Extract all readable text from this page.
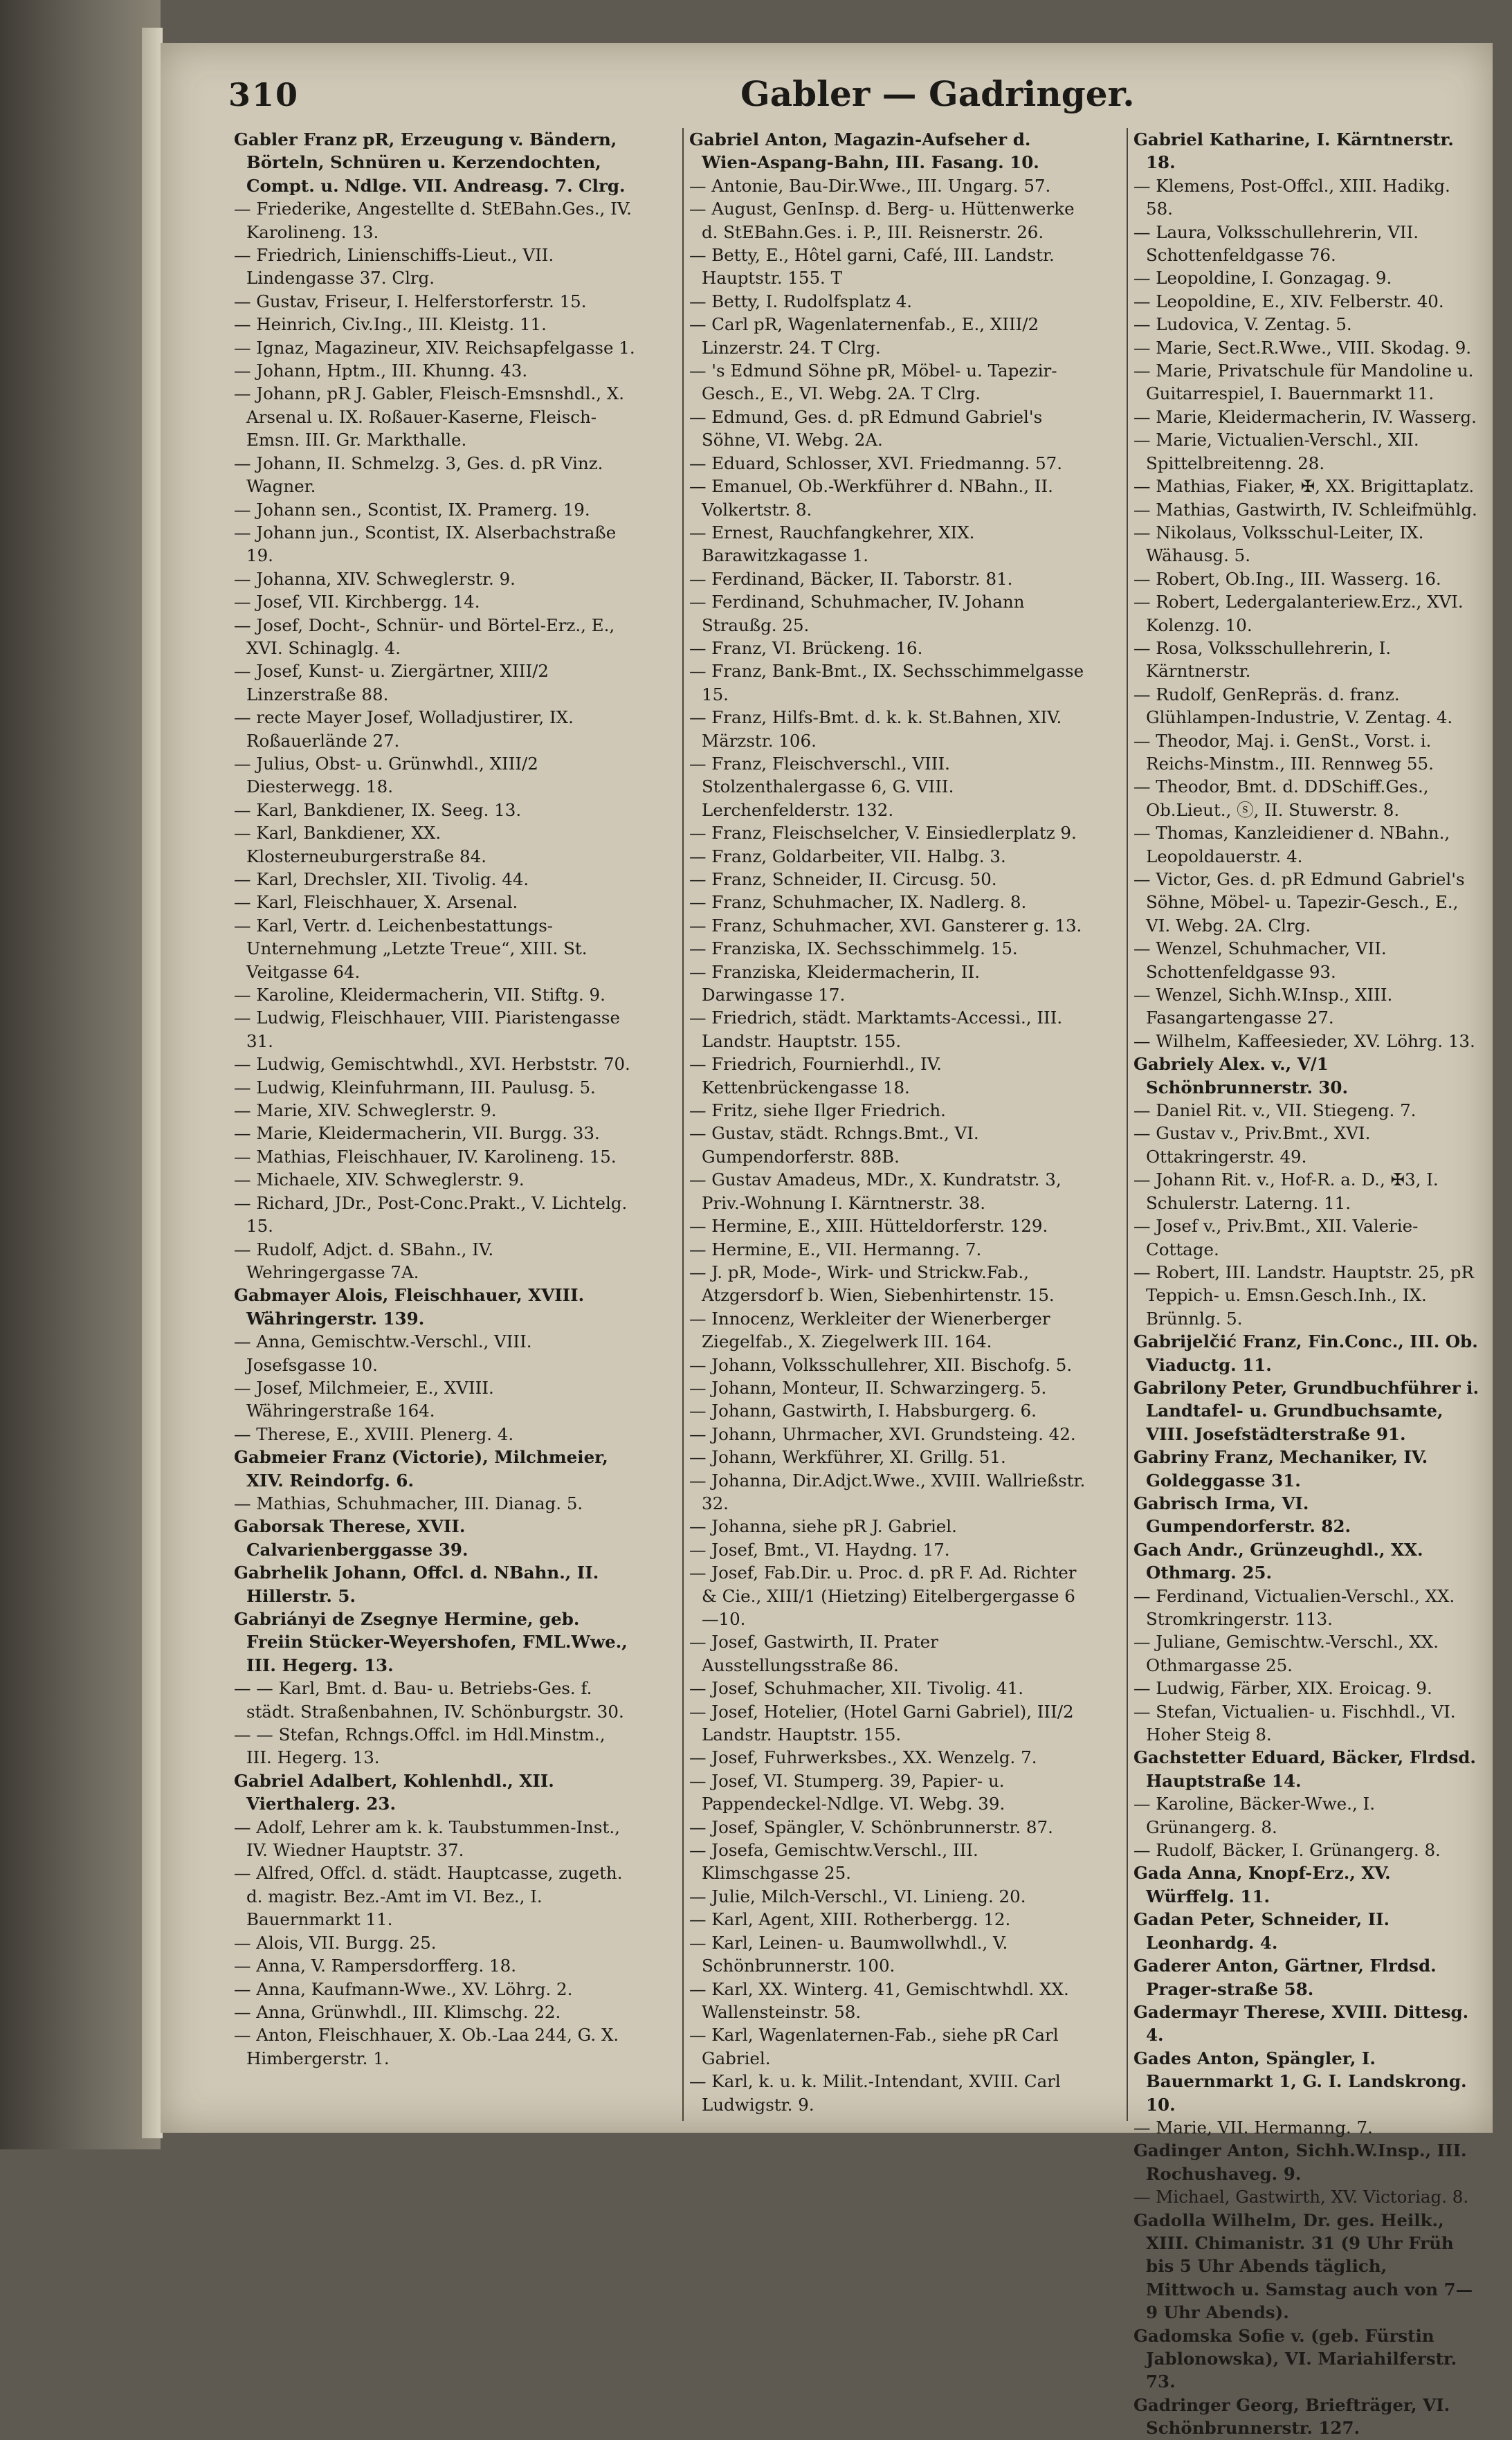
310	Gabler — Gadringer.

Gabler Franz pR, Erzeugung v. Bändern, Börteln, Schnüren u. Kerzendochten, Compt. u. Ndlge. VII. Andreasg. 7. Clrg.

— Friederike, Angestellte d. StEBahn.Ges., IV. Karolineng. 13.

— Friedrich, Linienschiffs-Lieut., VII. Lindengasse 37. Clrg.

— Gustav, Friseur, I. Helferstorferstr. 15.

— Heinrich, Civ.Ing., III. Kleistg. 11.

— Ignaz, Magazineur, XIV. Reichsapfelgasse 1.

— Johann, Hptm., III. Khunng. 43.

— Johann, pR J. Gabler, Fleisch-Emsnshdl., X. Arsenal u. IX. Roßauer-Kaserne, Fleisch-Emsn. III. Gr. Markthalle.

— Johann, II. Schmelzg. 3, Ges. d. pR Vinz. Wagner.

— Johann sen., Scontist, IX. Pramerg. 19.

— Johann jun., Scontist, IX. Alserbachstraße 19.

— Johanna, XIV. Schweglerstr. 9.

— Josef, VII. Kirchbergg. 14.

— Josef, Docht-, Schnür- und Börtel-Erz., E., XVI. Schinaglg. 4.

— Josef, Kunst- u. Ziergärtner, XIII/2 Linzerstraße 88.

— recte Mayer Josef, Wolladjustirer, IX. Roßauerlände 27.

— Julius, Obst- u. Grünwhdl., XIII/2 Diesterwegg. 18.

— Karl, Bankdiener, IX. Seeg. 13.

— Karl, Bankdiener, XX. Klosterneuburgerstraße 84.

— Karl, Drechsler, XII. Tivolig. 44.

— Karl, Fleischhauer, X. Arsenal.

— Karl, Vertr. d. Leichenbestattungs-Unternehmung „Letzte Treue“, XIII. St. Veitgasse 64.

— Karoline, Kleidermacherin, VII. Stiftg. 9.

— Ludwig, Fleischhauer, VIII. Piaristengasse 31.

— Ludwig, Gemischtwhdl., XVI. Herbststr. 70.

— Ludwig, Kleinfuhrmann, III. Paulusg. 5.

— Marie, XIV. Schweglerstr. 9.

— Marie, Kleidermacherin, VII. Burgg. 33.

— Mathias, Fleischhauer, IV. Karolineng. 15.

— Michaele, XIV. Schweglerstr. 9.

— Richard, JDr., Post-Conc.Prakt., V. Lichtelg. 15.

— Rudolf, Adjct. d. SBahn., IV. Wehringergasse 7A.

Gabmayer Alois, Fleischhauer, XVIII. Währingerstr. 139.

— Anna, Gemischtw.-Verschl., VIII. Josefsgasse 10.

— Josef, Milchmeier, E., XVIII. Währingerstraße 164.

— Therese, E., XVIII. Plenerg. 4.

Gabmeier Franz (Victorie), Milchmeier, XIV. Reindorfg. 6.

— Mathias, Schuhmacher, III. Dianag. 5.

Gaborsak Therese, XVII. Calvarienberggasse 39.

Gabrhelik Johann, Offcl. d. NBahn., II. Hillerstr. 5.

Gabriányi de Zsegnye Hermine, geb. Freiin Stücker-Weyershofen, FML.Wwe., III. Hegerg. 13.

— — Karl, Bmt. d. Bau- u. Betriebs-Ges. f. städt. Straßenbahnen, IV. Schönburgstr. 30.

— — Stefan, Rchngs.Offcl. im Hdl.Minstm., III. Hegerg. 13.

Gabriel Adalbert, Kohlenhdl., XII. Vierthalerg. 23.

— Adolf, Lehrer am k. k. Taubstummen-Inst., IV. Wiedner Hauptstr. 37.

— Alfred, Offcl. d. städt. Hauptcasse, zugeth. d. magistr. Bez.-Amt im VI. Bez., I. Bauernmarkt 11.

— Alois, VII. Burgg. 25.

— Anna, V. Rampersdorfferg. 18.

— Anna, Kaufmann-Wwe., XV. Löhrg. 2.

— Anna, Grünwhdl., III. Klimschg. 22.

— Anton, Fleischhauer, X. Ob.-Laa 244, G. X. Himbergerstr. 1.

Gabriel Anton, Magazin-Aufseher d. Wien-Aspang-Bahn, III. Fasang. 10.

— Antonie, Bau-Dir.Wwe., III. Ungarg. 57.

— August, GenInsp. d. Berg- u. Hüttenwerke d. StEBahn.Ges. i. P., III. Reisnerstr. 26.

— Betty, E., Hôtel garni, Café, III. Landstr. Hauptstr. 155. T

— Betty, I. Rudolfsplatz 4.

— Carl pR, Wagenlaternenfab., E., XIII/2 Linzerstr. 24. T Clrg.

— 's Edmund Söhne pR, Möbel- u. Tapezir-Gesch., E., VI. Webg. 2A. T Clrg.

— Edmund, Ges. d. pR Edmund Gabriel's Söhne, VI. Webg. 2A.

— Eduard, Schlosser, XVI. Friedmanng. 57.

— Emanuel, Ob.-Werkführer d. NBahn., II. Volkertstr. 8.

— Ernest, Rauchfangkehrer, XIX. Barawitzkagasse 1.

— Ferdinand, Bäcker, II. Taborstr. 81.

— Ferdinand, Schuhmacher, IV. Johann Straußg. 25.

— Franz, VI. Brückeng. 16.

— Franz, Bank-Bmt., IX. Sechsschimmelgasse 15.

— Franz, Hilfs-Bmt. d. k. k. St.Bahnen, XIV. Märzstr. 106.

— Franz, Fleischverschl., VIII. Stolzenthalergasse 6, G. VIII. Lerchenfelderstr. 132.

— Franz, Fleischselcher, V. Einsiedlerplatz 9.

— Franz, Goldarbeiter, VII. Halbg. 3.

— Franz, Schneider, II. Circusg. 50.

— Franz, Schuhmacher, IX. Nadlerg. 8.

— Franz, Schuhmacher, XVI. Gansterer g. 13.

— Franziska, IX. Sechsschimmelg. 15.

— Franziska, Kleidermacherin, II. Darwingasse 17.

— Friedrich, städt. Marktamts-Accessi., III. Landstr. Hauptstr. 155.

— Friedrich, Fournierhdl., IV. Kettenbrückengasse 18.

— Fritz, siehe Ilger Friedrich.

— Gustav, städt. Rchngs.Bmt., VI. Gumpendorferstr. 88B.

— Gustav Amadeus, MDr., X. Kundratstr. 3, Priv.-Wohnung I. Kärntnerstr. 38.

— Hermine, E., XIII. Hütteldorferstr. 129.

— Hermine, E., VII. Hermanng. 7.

— J. pR, Mode-, Wirk- und Strickw.Fab., Atzgersdorf b. Wien, Siebenhirtenstr. 15.

— Innocenz, Werkleiter der Wienerberger Ziegelfab., X. Ziegelwerk III. 164.

— Johann, Volksschullehrer, XII. Bischofg. 5.

— Johann, Monteur, II. Schwarzingerg. 5.

— Johann, Gastwirth, I. Habsburgerg. 6.

— Johann, Uhrmacher, XVI. Grundsteing. 42.

— Johann, Werkführer, XI. Grillg. 51.

— Johanna, Dir.Adjct.Wwe., XVIII. Wallrießstr. 32.

— Johanna, siehe pR J. Gabriel.

— Josef, Bmt., VI. Haydng. 17.

— Josef, Fab.Dir. u. Proc. d. pR F. Ad. Richter & Cie., XIII/1 (Hietzing) Eitelbergergasse 6—10.

— Josef, Gastwirth, II. Prater Ausstellungsstraße 86.

— Josef, Schuhmacher, XII. Tivolig. 41.

— Josef, Hotelier, (Hotel Garni Gabriel), III/2 Landstr. Hauptstr. 155.

— Josef, Fuhrwerksbes., XX. Wenzelg. 7.

— Josef, VI. Stumperg. 39, Papier- u. Pappendeckel-Ndlge. VI. Webg. 39.

— Josef, Spängler, V. Schönbrunnerstr. 87.

— Josefa, Gemischtw.Verschl., III. Klimschgasse 25.

— Julie, Milch-Verschl., VI. Linieng. 20.

— Karl, Agent, XIII. Rotherbergg. 12.

— Karl, Leinen- u. Baumwollwhdl., V. Schönbrunnerstr. 100.

— Karl, XX. Winterg. 41, Gemischtwhdl. XX. Wallensteinstr. 58.

— Karl, Wagenlaternen-Fab., siehe pR Carl Gabriel.

— Karl, k. u. k. Milit.-Intendant, XVIII. Carl Ludwigstr. 9.

Gabriel Katharine, I. Kärntnerstr. 18.

— Klemens, Post-Offcl., XIII. Hadikg. 58.

— Laura, Volksschullehrerin, VII. Schottenfeldgasse 76.

— Leopoldine, I. Gonzagag. 9.

— Leopoldine, E., XIV. Felberstr. 40.

— Ludovica, V. Zentag. 5.

— Marie, Sect.R.Wwe., VIII. Skodag. 9.

— Marie, Privatschule für Mandoline u. Guitarrespiel, I. Bauernmarkt 11.

— Marie, Kleidermacherin, IV. Wasserg.

— Marie, Victualien-Verschl., XII. Spittelbreitenng. 28.

— Mathias, Fiaker, ✠, XX. Brigittaplatz.

— Mathias, Gastwirth, IV. Schleifmühlg.

— Nikolaus, Volksschul-Leiter, IX. Wähausg. 5.

— Robert, Ob.Ing., III. Wasserg. 16.

— Robert, Ledergalanteriew.Erz., XVI. Kolenzg. 10.

— Rosa, Volksschullehrerin, I. Kärntnerstr.

— Rudolf, GenRepräs. d. franz. Glühlampen-Industrie, V. Zentag. 4.

— Theodor, Maj. i. GenSt., Vorst. i. Reichs-Minstm., III. Rennweg 55.

— Theodor, Bmt. d. DDSchiff.Ges., Ob.Lieut., ⓢ, II. Stuwerstr. 8.

— Thomas, Kanzleidiener d. NBahn., Leopoldauerstr. 4.

— Victor, Ges. d. pR Edmund Gabriel's Söhne, Möbel- u. Tapezir-Gesch., E., VI. Webg. 2A. Clrg.

— Wenzel, Schuhmacher, VII. Schottenfeldgasse 93.

— Wenzel, Sichh.W.Insp., XIII. Fasangartengasse 27.

— Wilhelm, Kaffeesieder, XV. Löhrg. 13.

Gabriely Alex. v., V/1 Schönbrunnerstr. 30.

— Daniel Rit. v., VII. Stiegeng. 7.

— Gustav v., Priv.Bmt., XVI. Ottakringerstr. 49.

— Johann Rit. v., Hof-R. a. D., ✠3, I. Schulerstr. Laterng. 11.

— Josef v., Priv.Bmt., XII. Valerie-Cottage.

— Robert, III. Landstr. Hauptstr. 25, pR Teppich- u. Emsn.Gesch.Inh., IX. Brünnlg. 5.

Gabrijelčić Franz, Fin.Conc., III. Ob. Viaductg. 11.

Gabrilony Peter, Grundbuchführer i. Landtafel- u. Grundbuchsamte, VIII. Josefstädterstraße 91.

Gabriny Franz, Mechaniker, IV. Goldeggasse 31.

Gabrisch Irma, VI. Gumpendorferstr. 82.

Gach Andr., Grünzeughdl., XX. Othmarg. 25.

— Ferdinand, Victualien-Verschl., XX. Stromkringerstr. 113.

— Juliane, Gemischtw.-Verschl., XX. Othmargasse 25.

— Ludwig, Färber, XIX. Eroicag. 9.

— Stefan, Victualien- u. Fischhdl., VI. Hoher Steig 8.

Gachstetter Eduard, Bäcker, Flrdsd. Hauptstraße 14.

— Karoline, Bäcker-Wwe., I. Grünangerg. 8.

— Rudolf, Bäcker, I. Grünangerg. 8.

Gada Anna, Knopf-Erz., XV. Würffelg. 11.

Gadan Peter, Schneider, II. Leonhardg. 4.

Gaderer Anton, Gärtner, Flrdsd. Prager-straße 58.

Gadermayr Therese, XVIII. Dittesg. 4.

Gades Anton, Spängler, I. Bauernmarkt 1, G. I. Landskrong. 10.

— Marie, VII. Hermanng. 7.

Gadinger Anton, Sichh.W.Insp., III. Rochushaveg. 9.

— Michael, Gastwirth, XV. Victoriag. 8.

Gadolla Wilhelm, Dr. ges. Heilk., XIII. Chimanistr. 31 (9 Uhr Früh bis 5 Uhr Abends täglich, Mittwoch u. Samstag auch von 7—9 Uhr Abends).

Gadomska Sofie v. (geb. Fürstin Jablonowska), VI. Mariahilferstr. 73.

Gadringer Georg, Briefträger, VI. Schönbrunnerstr. 127.
